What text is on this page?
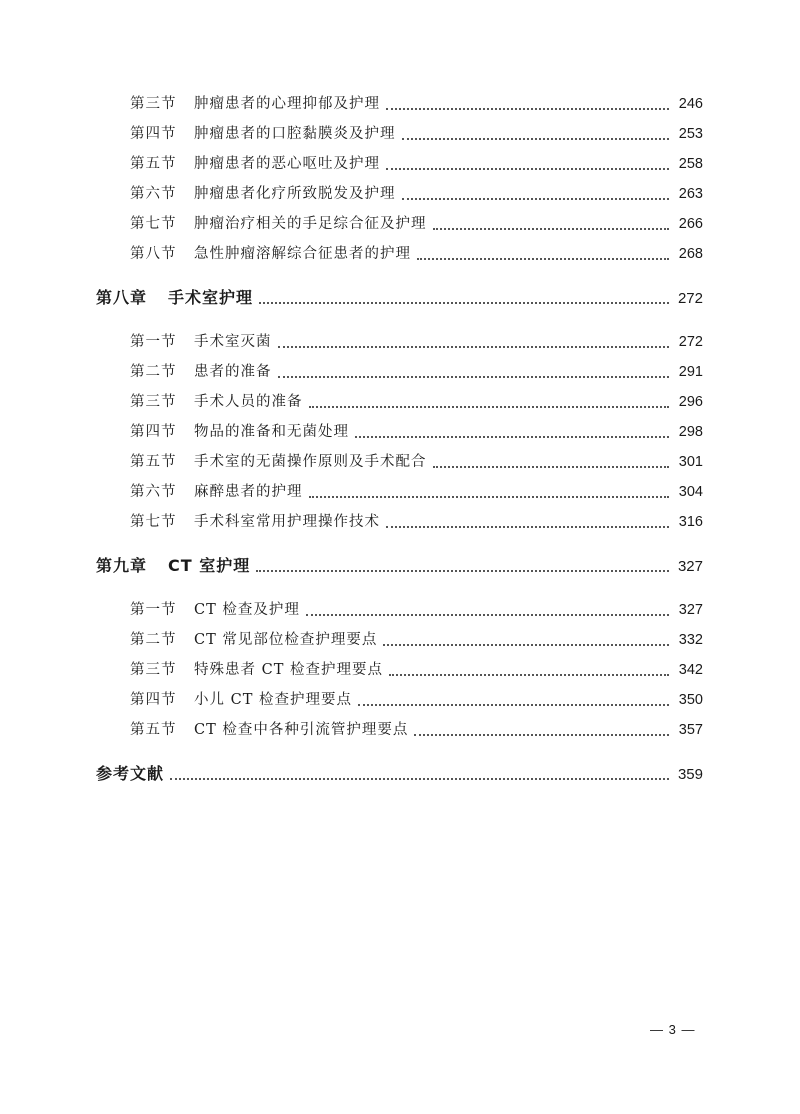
第三节	肿瘤患者的心理抑郁及护理	246
第四节	肿瘤患者的口腔黏膜炎及护理	253
第五节	肿瘤患者的恶心呕吐及护理	258
第六节	肿瘤患者化疗所致脱发及护理	263
第七节	肿瘤治疗相关的手足综合征及护理	266
第八节	急性肿瘤溶解综合征患者的护理	268
第八章	手术室护理	272
第一节	手术室灭菌	272
第二节	患者的准备	291
第三节	手术人员的准备	296
第四节	物品的准备和无菌处理	298
第五节	手术室的无菌操作原则及手术配合	301
第六节	麻醉患者的护理	304
第七节	手术科室常用护理操作技术	316
第九章	CT 室护理	327
第一节	CT 检查及护理	327
第二节	CT 常见部位检查护理要点	332
第三节	特殊患者 CT 检查护理要点	342
第四节	小儿 CT 检查护理要点	350
第五节	CT 检查中各种引流管护理要点	357
参考文献	359
— 3 —
